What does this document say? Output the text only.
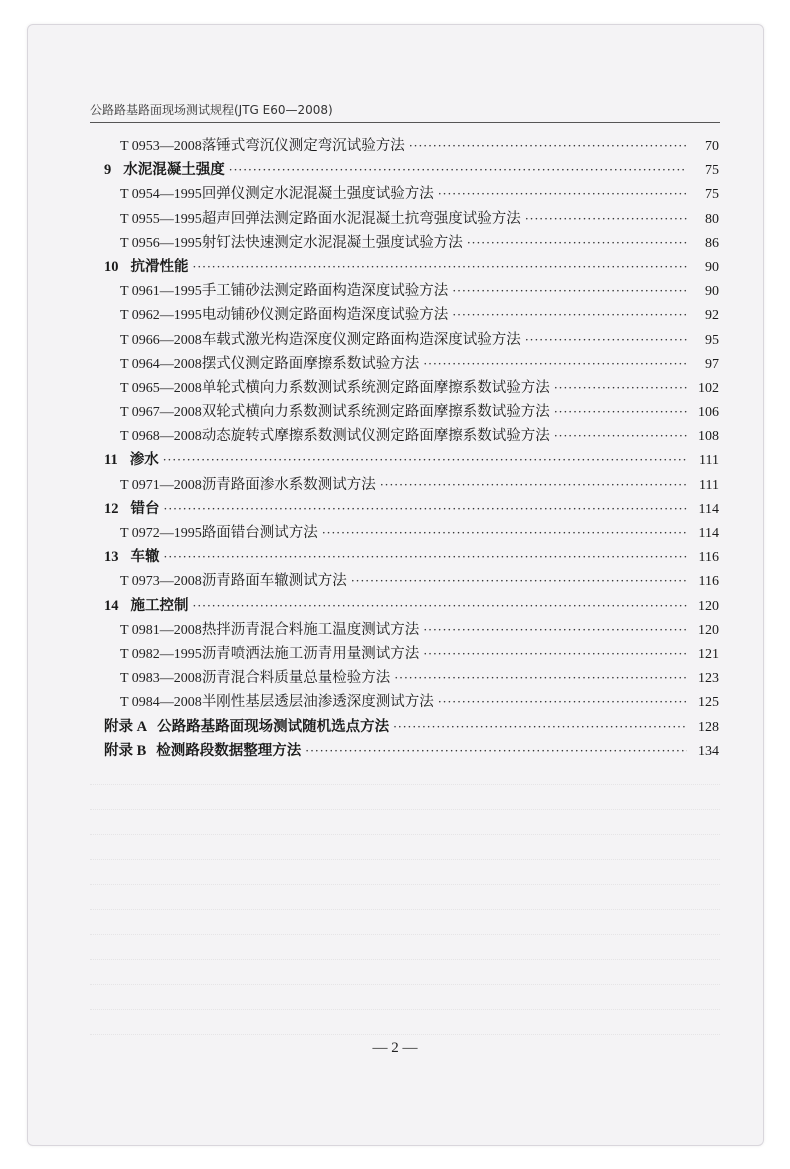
公路路基路面现场测试规程(JTG E60—2008)
T 0953—2008 落锤式弯沉仪测定弯沉试验方法 ·····	70
9 水泥混凝土强度 ·····	75
T 0954—1995 回弹仪测定水泥混凝土强度试验方法 ·····	75
T 0955—1995 超声回弹法测定路面水泥混凝土抗弯强度试验方法 ·····	80
T 0956—1995 射钉法快速测定水泥混凝土强度试验方法 ·····	86
10 抗滑性能 ·····	90
T 0961—1995 手工铺砂法测定路面构造深度试验方法 ·····	90
T 0962—1995 电动铺砂仪测定路面构造深度试验方法 ·····	92
T 0966—2008 车载式激光构造深度仪测定路面构造深度试验方法 ·····	95
T 0964—2008 摆式仪测定路面摩擦系数试验方法 ·····	97
T 0965—2008 单轮式横向力系数测试系统测定路面摩擦系数试验方法 ·····	102
T 0967—2008 双轮式横向力系数测试系统测定路面摩擦系数试验方法 ·····	106
T 0968—2008 动态旋转式摩擦系数测试仪测定路面摩擦系数试验方法 ·····	108
11 渗水 ·····	111
T 0971—2008 沥青路面渗水系数测试方法 ·····	111
12 错台 ·····	114
T 0972—1995 路面错台测试方法 ·····	114
13 车辙 ·····	116
T 0973—2008 沥青路面车辙测试方法 ·····	116
14 施工控制 ·····	120
T 0981—2008 热拌沥青混合料施工温度测试方法 ·····	120
T 0982—1995 沥青喷洒法施工沥青用量测试方法 ·····	121
T 0983—2008 沥青混合料质量总量检验方法 ·····	123
T 0984—2008 半刚性基层透层油渗透深度测试方法 ·····	125
附录 A 公路路基路面现场测试随机选点方法 ·····	128
附录 B 检测路段数据整理方法 ·····	134
— 2 —
